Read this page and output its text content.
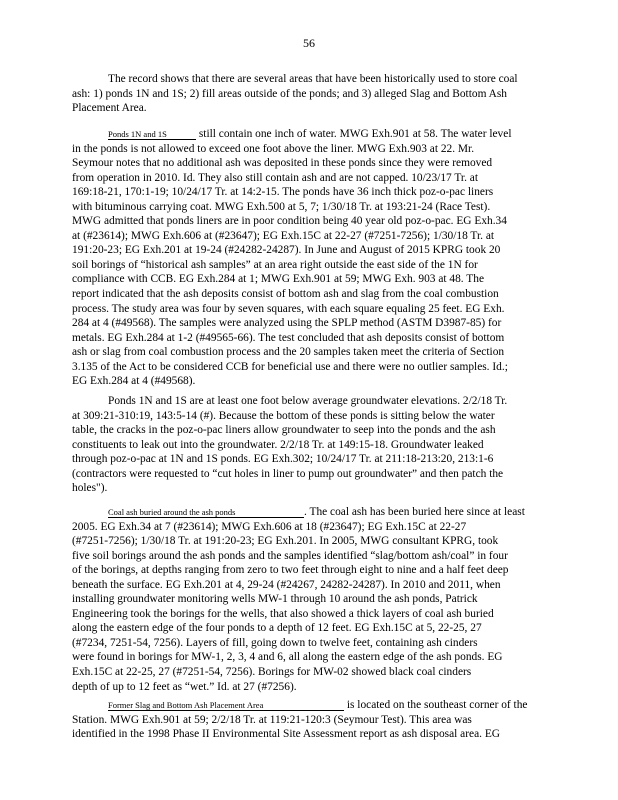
56
The record shows that there are several areas that have been historically used to store coal
ash: 1) ponds 1N and 1S; 2) fill areas outside of the ponds; and 3) alleged Slag and Bottom Ash
Placement Area.
Ponds 1N and 1S	still contain one inch of water. MWG Exh.901 at 58. The water level
in the ponds is not allowed to exceed one foot above the liner. MWG Exh.903 at 22. Mr.
Seymour notes that no additional ash was deposited in these ponds since they were removed
from operation in 2010. Id. They also still contain ash and are not capped. 10/23/17 Tr. at
169:18-21, 170:1-19; 10/24/17 Tr. at 14:2-15. The ponds have 36 inch thick poz-o-pac liners
with bituminous carrying coat. MWG Exh.500 at 5, 7; 1/30/18 Tr. at 193:21-24 (Race Test).
MWG admitted that ponds liners are in poor condition being 40 year old poz-o-pac. EG Exh.34
at (#23614); MWG Exh.606 at (#23647); EG Exh.15C at 22-27 (#7251-7256); 1/30/18 Tr. at
191:20-23; EG Exh.201 at 19-24 (#24282-24287). In June and August of 2015 KPRG took 20
soil borings of “historical ash samples” at an area right outside the east side of the 1N for
compliance with CCB. EG Exh.284 at 1; MWG Exh.901 at 59; MWG Exh. 903 at 48. The
report indicated that the ash deposits consist of bottom ash and slag from the coal combustion
process. The study area was four by seven squares, with each square equaling 25 feet. EG Exh.
284 at 4 (#49568). The samples were analyzed using the SPLP method (ASTM D3987-85) for
metals. EG Exh.284 at 1-2 (#49565-66). The test concluded that ash deposits consist of bottom
ash or slag from coal combustion process and the 20 samples taken meet the criteria of Section
3.135 of the Act to be considered CCB for beneficial use and there were no outlier samples. Id.;
EG Exh.284 at 4 (#49568).
Ponds 1N and 1S are at least one foot below average groundwater elevations. 2/2/18 Tr.
at 309:21-310:19, 143:5-14 (#). Because the bottom of these ponds is sitting below the water
table, the cracks in the poz-o-pac liners allow groundwater to seep into the ponds and the ash
constituents to leak out into the groundwater. 2/2/18 Tr. at 149:15-18. Groundwater leaked
through poz-o-pac at 1N and 1S ponds. EG Exh.302; 10/24/17 Tr. at 211:18-213:20, 213:1-6
(contractors were requested to “cut holes in liner to pump out groundwater” and then patch the
holes").
Coal ash buried around the ash ponds	. The coal ash has been buried here since at least
2005. EG Exh.34 at 7 (#23614); MWG Exh.606 at 18 (#23647); EG Exh.15C at 22-27
(#7251-7256); 1/30/18 Tr. at 191:20-23; EG Exh.201. In 2005, MWG consultant KPRG, took
five soil borings around the ash ponds and the samples identified “slag/bottom ash/coal” in four
of the borings, at depths ranging from zero to two feet through eight to nine and a half feet deep
beneath the surface. EG Exh.201 at 4, 29-24 (#24267, 24282-24287). In 2010 and 2011, when
installing groundwater monitoring wells MW-1 through 10 around the ash ponds, Patrick
Engineering took the borings for the wells, that also showed a thick layers of coal ash buried
along the eastern edge of the four ponds to a depth of 12 feet. EG Exh.15C at 5, 22-25, 27
(#7234, 7251-54, 7256). Layers of fill, going down to twelve feet, containing ash cinders
were found in borings for MW-1, 2, 3, 4 and 6, all along the eastern edge of the ash ponds. EG
Exh.15C at 22-25, 27 (#7251-54, 7256). Borings for MW-02 showed black coal cinders
depth of up to 12 feet as “wet.” Id. at 27 (#7256).
Former Slag and Bottom Ash Placement Area	is located on the southeast corner of the
Station. MWG Exh.901 at 59; 2/2/18 Tr. at 119:21-120:3 (Seymour Test). This area was
identified in the 1998 Phase II Environmental Site Assessment report as ash disposal area. EG
